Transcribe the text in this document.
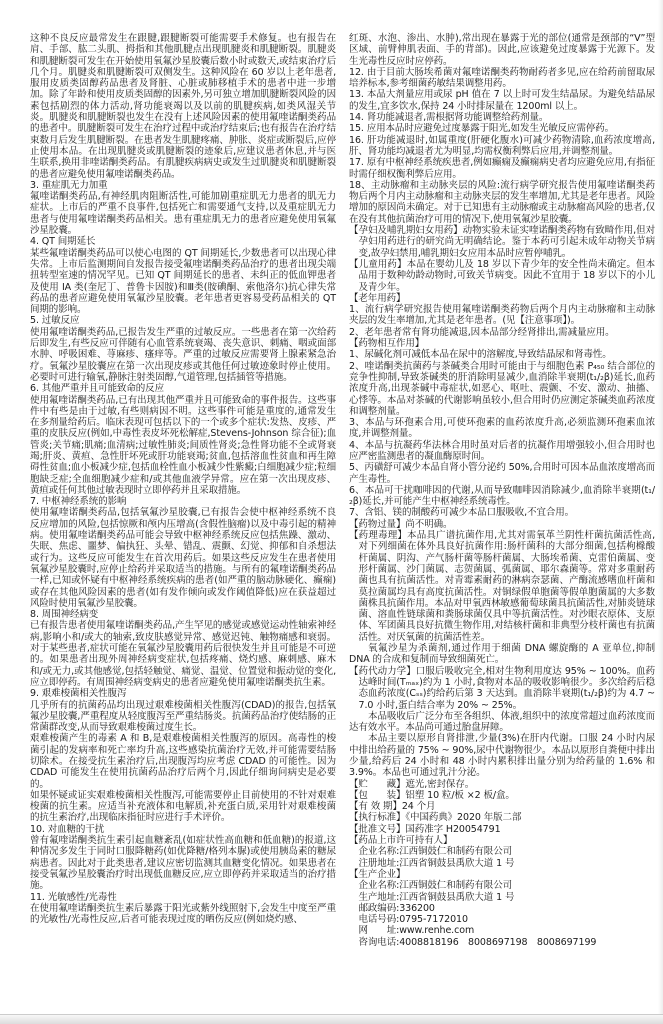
这种不良反应最常发生在跟腱,跟腱断裂可能需要手术修复。也有报告在肩、手部、肱二头肌、拇指和其他肌腱点出现肌腱炎和肌腱断裂。肌腱炎和肌腱断裂可发生在开始使用氧氟沙星胶囊后数小时或数天,或结束治疗后几个月。肌腱炎和肌腱断裂可双侧发生。这种风险在 60 岁以上老年患者,服用皮质类固醇药品患者及肾脏、心脏或肺移植手术的患者中进一步增加。除了年龄和使用皮质类固醇的因素外,另可独立增加肌腱断裂风险的因素包括剧烈的体力活动,肾功能衰竭以及以前的肌腱疾病,如类风湿关节炎。肌腱炎和肌腱断裂也发生在没有上述风险因素的使用氟喹诺酮类药品的患者中。肌腱断裂可发生在治疗过程中或治疗结束后;也有报告在治疗结束数月后发生肌腱断裂。在患者发生肌腱疼痛、肿胀、炎症或断裂后,应停止使用本品。在出现肌腱炎或肌腱断裂的迹象后,应建议患者休息,并与医生联系,换用非喹诺酮类药品。有肌腱疾病病史或发生过肌腱炎和肌腱断裂的患者应避免使用氟喹诺酮类药品。
3. 重症肌无力加重
氟喹诺酮类药品,有神经肌肉阻断活性,可能加剧重症肌无力患者的肌无力症状。上市后的严重不良事件,包括死亡和需要通气支持,以及重症肌无力患者与使用氟喹诺酮类药品相关。患有重症肌无力的患者应避免使用氧氟沙星胶囊。
4. QT 间期延长
某些氟喹诺酮类药品可以使心电图的 QT 间期延长,少数患者可以出现心律失常。上市后监测期间自发报告接受氟喹诺酮类药品治疗的患者出现尖端扭转型室速的情况罕见。已知 QT 间期延长的患者、未纠正的低血钾患者及使用 IA 类(奎尼丁、普鲁卡因胺)和Ⅲ类(胺碘酮、索他洛尔)抗心律失常药品的患者应避免使用氧氟沙星胶囊。老年患者更容易受药品相关的 QT 间期的影响。
5. 过敏反应
使用氟喹诺酮类药品,已报告发生严重的过敏反应。一些患者在第一次给药后即发生,有些反应可伴随有心血管系统衰竭、丧失意识、刺痛、咽或面部水肿、呼吸困难、荨麻疹、瘙痒等。严重的过敏反应需要肾上腺素紧急治疗。氧氟沙星胶囊应在第一次出现皮疹或其他任何过敏迹象时停止使用。必要时可进行输氧,静脉注射类固醇,气道管理,包括插管等措施。
6. 其他严重并且可能致命的反应
使用氟喹诺酮类药品,已有出现其他严重并且可能致命的事件报告。这些事件中有些是由于过敏,有些则病因不明。这些事件可能是重度的,通常发生在多剂量给药后。临床表现可包括以下的一个或多个症状:发热、皮疹、严重的皮肤反应(例如,中毒性表皮坏死松解症,Stevens-Johnson 综合征);血管炎;关节痛;肌痛;血清病;过敏性肺炎;间质性肾炎;急性肾功能不全或肾衰竭;肝炎、黄疸、急性肝坏死或肝功能衰竭;贫血,包括溶血性贫血和再生障碍性贫血;血小板减少症,包括血栓性血小板减少性紫癜;白细胞减少症;粒细胞缺乏症;全血细胞减少症和/或其他血液学异常。应在第一次出现皮疹、黄疸或任何其他过敏表现时立即停药并且采取措施。
7. 中枢神经系统的影响
使用氟喹诺酮类药品,包括氧氟沙星胶囊,已有报告会使中枢神经系统不良反应增加的风险,包括惊厥和颅内压增高(含假性脑瘤)以及中毒引起的精神病。使用氟喹诺酮类药品可能会导致中枢神经系统反应包括焦躁、激动、失眠、焦虑、噩梦、偏执狂、头晕、错乱、震颤、幻觉、抑郁和自杀想法或行为。这些反应可能发生在首次用药后。如果这些反应发生在患者使用氧氟沙星胶囊时,应停止给药并采取适当的措施。与所有的氟喹诺酮类药品一样,已知或怀疑有中枢神经系统疾病的患者(如严重的脑动脉硬化、癫痫)或存在其他风险因素的患者(如有发作倾向或发作阈值降低)应在获益超过风险时使用氧氟沙星胶囊。
8. 周围神经病变
已有报告患者使用氟喹诺酮类药品,产生罕见的感觉或感觉运动性轴索神经病,影响小和/或大的轴索,致皮肤感觉异常、感觉迟钝、触物痛感和衰弱。对于某些患者,症状可能在氧氟沙星胶囊用药后很快发生并且可能是不可逆的。如果患者出现外周神经病变症状,包括疼痛、烧灼感、麻刺感、麻木和/或无力,或其他感觉,包括轻触觉、痛觉、温觉、位置觉和振动觉的变化,应立即停药。有周围神经病变病史的患者应避免使用氟喹诺酮类抗生素。
9. 艰难梭菌相关性腹泻
几乎所有的抗菌药品均出现过艰难梭菌相关性腹泻(CDAD)的报告,包括氧氟沙星胶囊,严重程度从轻度腹泻至严重结肠炎。抗菌药品治疗使结肠的正常菌群改变,从而导致艰难梭菌过度生长。
艰难梭菌产生的毒素 A 和 B,是艰难梭菌相关性腹泻的原因。高毒性的梭菌引起的发病率和死亡率均升高,这些感染抗菌治疗无效,并可能需要结肠切除术。在接受抗生素治疗后,出现腹泻均应考虑 CDAD 的可能性。因为 CDAD 可能发生在使用抗菌药品治疗后两个月,因此仔细询问病史是必要的。
如果怀疑或证实艰难梭菌相关性腹泻,可能需要停止目前使用的不针对艰难梭菌的抗生素。应适当补充液体和电解质,补充蛋白质,采用针对艰难梭菌的抗生素治疗,出现临床指征时应进行手术评价。
10. 对血糖的干扰
曾有氟喹诺酮类抗生素引起血糖紊乱(如症状性高血糖和低血糖)的报道,这种情况多发生于同时口服降糖药(如优降糖/格列本脲)或使用胰岛素的糖尿病患者。因此对于此类患者,建议应密切监测其血糖变化情况。如果患者在接受氧氟沙星胶囊治疗时出现低血糖反应,应立即停药并采取适当的治疗措施。
11. 光敏感性/光毒性
在使用氟喹诺酮类抗生素后暴露于阳光或紫外线照射下,会发生中度至严重的光敏性/光毒性反应,后者可能表现过度的晒伤反应(例如烧灼感、
红斑、水泡、渗出、水肿),常出现在暴露于光的部位(通常是颈部的“V”型区域、前臂伸肌表面、手的背部)。因此,应该避免过度暴露于光源下。发生光毒性反应时应停药。
12. 由于目前大肠埃希菌对氟喹诺酮类药物耐药者多见,应在给药前留取尿培养标本,参考细菌药敏结果调整用药。
13. 本品大剂量应用或尿 pH 值在 7 以上时可发生结晶尿。为避免结晶尿的发生,宜多饮水,保持 24 小时排尿量在 1200ml 以上。
14. 肾功能减退者,需根据肾功能调整给药剂量。
15. 应用本品时应避免过度暴露于阳光,如发生光敏反应需停药。
16. 肝功能减退时,如属重度(肝硬化腹水)可减少药物清除,血药浓度增高,肝、肾功能均减退者尤为明显,均需权衡利弊后应用,并调整剂量。
17. 原有中枢神经系统疾患者,例如癫痫及癫痫病史者均应避免应用,有指征时需仔细权衡利弊后应用。
18、主动脉瘤和主动脉夹层的风险:流行病学研究报告使用氟喹诺酮类药物后两个月内主动脉瘤和主动脉夹层的发生率增加,尤其是老年患者。风险增加的原因尚未确定。对于已知患有主动脉瘤或主动脉瘤高风险的患者,仅在没有其他抗菌治疗可用的情况下,使用氧氟沙星胶囊。
【孕妇及哺乳期妇女用药】动物实验未证实喹诺酮类药物有致畸作用,但对孕妇用药进行的研究尚无明确结论。鉴于本药可引起未成年动物关节病变,故孕妇禁用,哺乳期妇女应用本品时应暂停哺乳。
【儿童用药】本品在婴幼儿及 18 岁以下青少年的安全性尚未确定。但本品用于数种幼龄动物时,可致关节病变。因此不宜用于 18 岁以下的小儿及青少年。
【老年用药】
1、流行病学研究报告使用氟喹诺酮类药物后两个月内主动脉瘤和主动脉夹层的发生率增加,尤其是老年患者。(见【注意事项】)。
2、老年患者常有肾功能减退,因本品部分经肾排出,需减量应用。
【药物相互作用】
1、尿碱化剂可减低本品在尿中的溶解度,导致结晶尿和肾毒性。
2、喹诺酮类抗菌药与茶碱类合用时可能由于与细胞色素 P₄₅₀ 结合部位的竞争性抑制,导致茶碱类的肝消除明显减少,血消除半衰期(t₁/₂β)延长,血药浓度升高,出现茶碱中毒症状,如恶心、呕吐、震颤、不安、激动、抽搐、心悸等。本品对茶碱的代谢影响虽较小,但合用时仍应测定茶碱类血药浓度和调整剂量。
3、本品与环孢素合用,可使环孢素的血药浓度升高,必须监测环孢素血浓度,并调整剂量。
4、本品与抗凝药华法林合用时虽对后者的抗凝作用增强较小,但合用时也应严密监测患者的凝血酶原时间。
5、丙磺舒可减少本品自肾小管分泌约 50%,合用时可因本品血浓度增高而产生毒性。
6、本品可干扰咖啡因的代谢,从而导致咖啡因消除减少,血消除半衰期(t₁/₂β)延长,并可能产生中枢神经系统毒性。
7、含铝、镁的制酸药可减少本品口服吸收,不宜合用。
【药物过量】尚不明确。
【药理毒理】本品具广谱抗菌作用,尤其对需氧革兰阴性杆菌抗菌活性高,对下列细菌在体外具良好抗菌作用:肠杆菌科的大部分细菌,包括枸橼酸杆菌属、阴沟、产气肠杆菌等肠杆菌属、大肠埃希菌、克雷伯菌属、变形杆菌属、沙门菌属、志贺菌属、弧菌属、耶尔森菌等。常对多重耐药菌也具有抗菌活性。对青霉素耐药的淋病奈瑟菌、产酶流感嗜血杆菌和莫拉菌属均具有高度抗菌活性。对铜绿假单胞菌等假单胞菌属的大多数菌株具抗菌作用。本品对甲氧西林敏感葡萄球菌具抗菌活性,对肺炎链球菌、溶血性链球菌和粪肠球菌仅具中等抗菌活性。对沙眼衣原体、支原体、军团菌具良好抗微生物作用,对结核杆菌和非典型分枝杆菌也有抗菌活性。对厌氧菌的抗菌活性差。
氧氟沙星为杀菌剂,通过作用于细菌 DNA 螺旋酶的 A 亚单位,抑制 DNA 的合成和复制而导致细菌死亡。
【药代动力学】口服后吸收完全,相对生物利用度达 95% ~ 100%。血药达峰时间(Tₘₐₓ)约为 1 小时,食物对本品的吸收影响很少。多次给药后稳态血药浓度(Cₛₛ)约给药后第 3 天达到。血消除半衰期(t₁/₂β)约为 4.7 ~ 7.0 小时,蛋白结合率为 20% ~ 25%。
本品吸收后广泛分布至各组织、体液,组织中的浓度常超过血药浓度而达有效水平。本品尚可通过胎盘屏障。
本品主要以原形自肾排泄,少量(3%)在肝内代谢。口服 24 小时内尿中排出给药量的 75% ~ 90%,尿中代谢物很少。本品以原形自粪便中排出少量,给药后 24 小时和 48 小时内累积排出量分别为给药量的 1.6% 和 3.9%。本品也可通过乳汁分泌。
【贮　　藏】遮光,密封保存。
【包　　装】铝塑 10 粒/板 ×2 板/盒。
【有 效 期】24 个月
【执行标准】《中国药典》2020 年版二部
【批准文号】国药准字 H20054791
【药品上市许可持有人】
企业名称:江西铜鼓仁和制药有限公司
注册地址:江西省铜鼓县禹欣大道 1 号
【生产企业】
企业名称:江西铜鼓仁和制药有限公司
生产地址:江西省铜鼓县禹欣大道 1 号
邮政编码:336200
电话号码:0795-7172010
网　　址:www.renhe.com
咨询电话:4008818196　8008697198　8008697199
